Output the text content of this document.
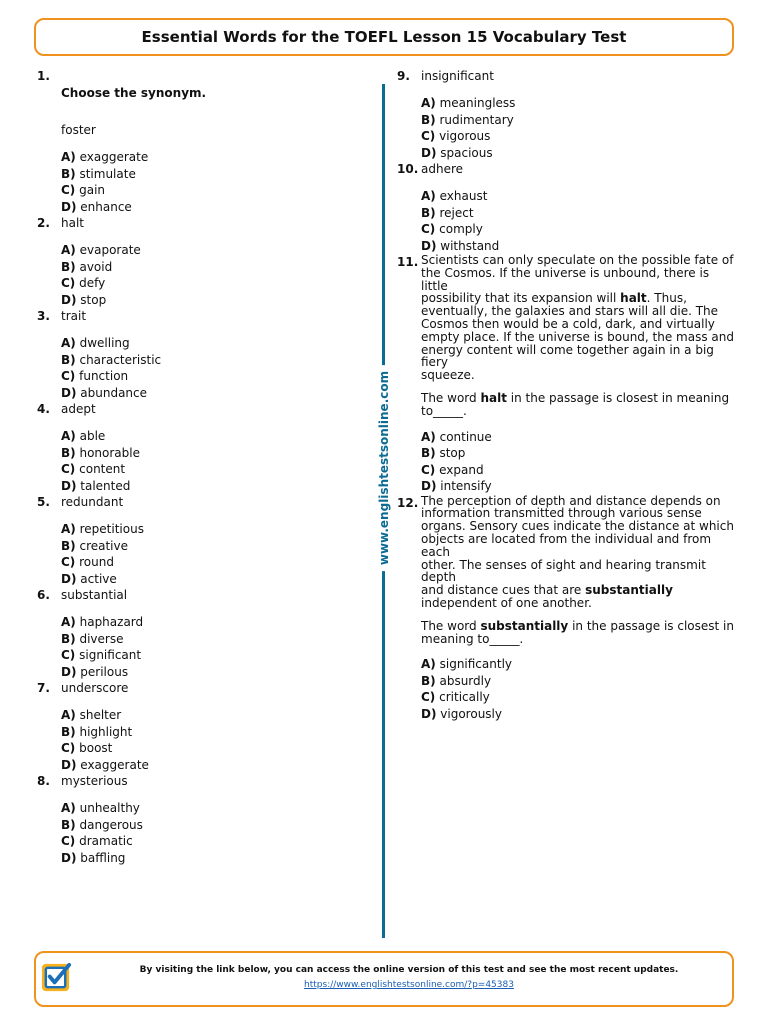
Essential Words for the TOEFL Lesson 15 Vocabulary Test
1.
Choose the synonym.
foster
A) exaggerate
B) stimulate
C) gain
D) enhance
2. halt
A) evaporate
B) avoid
C) defy
D) stop
3. trait
A) dwelling
B) characteristic
C) function
D) abundance
4. adept
A) able
B) honorable
C) content
D) talented
5. redundant
A) repetitious
B) creative
C) round
D) active
6. substantial
A) haphazard
B) diverse
C) significant
D) perilous
7. underscore
A) shelter
B) highlight
C) boost
D) exaggerate
8. mysterious
A) unhealthy
B) dangerous
C) dramatic
D) baffling
www.englishtestsonline.com
9. insignificant
A) meaningless
B) rudimentary
C) vigorous
D) spacious
10. adhere
A) exhaust
B) reject
C) comply
D) withstand
11. Scientists can only speculate on the possible fate of
the Cosmos. If the universe is unbound, there is little
possibility that its expansion will halt. Thus,
eventually, the galaxies and stars will all die. The
Cosmos then would be a cold, dark, and virtually
empty place. If the universe is bound, the mass and
energy content will come together again in a big fiery
squeeze.
The word halt in the passage is closest in meaning
to_____.
A) continue
B) stop
C) expand
D) intensify
12. The perception of depth and distance depends on
information transmitted through various sense
organs. Sensory cues indicate the distance at which
objects are located from the individual and from each
other. The senses of sight and hearing transmit depth
and distance cues that are substantially
independent of one another.
The word substantially in the passage is closest in
meaning to_____.
A) significantly
B) absurdly
C) critically
D) vigorously
By visiting the link below, you can access the online version of this test and see the most recent updates.
https://www.englishtestsonline.com/?p=45383
